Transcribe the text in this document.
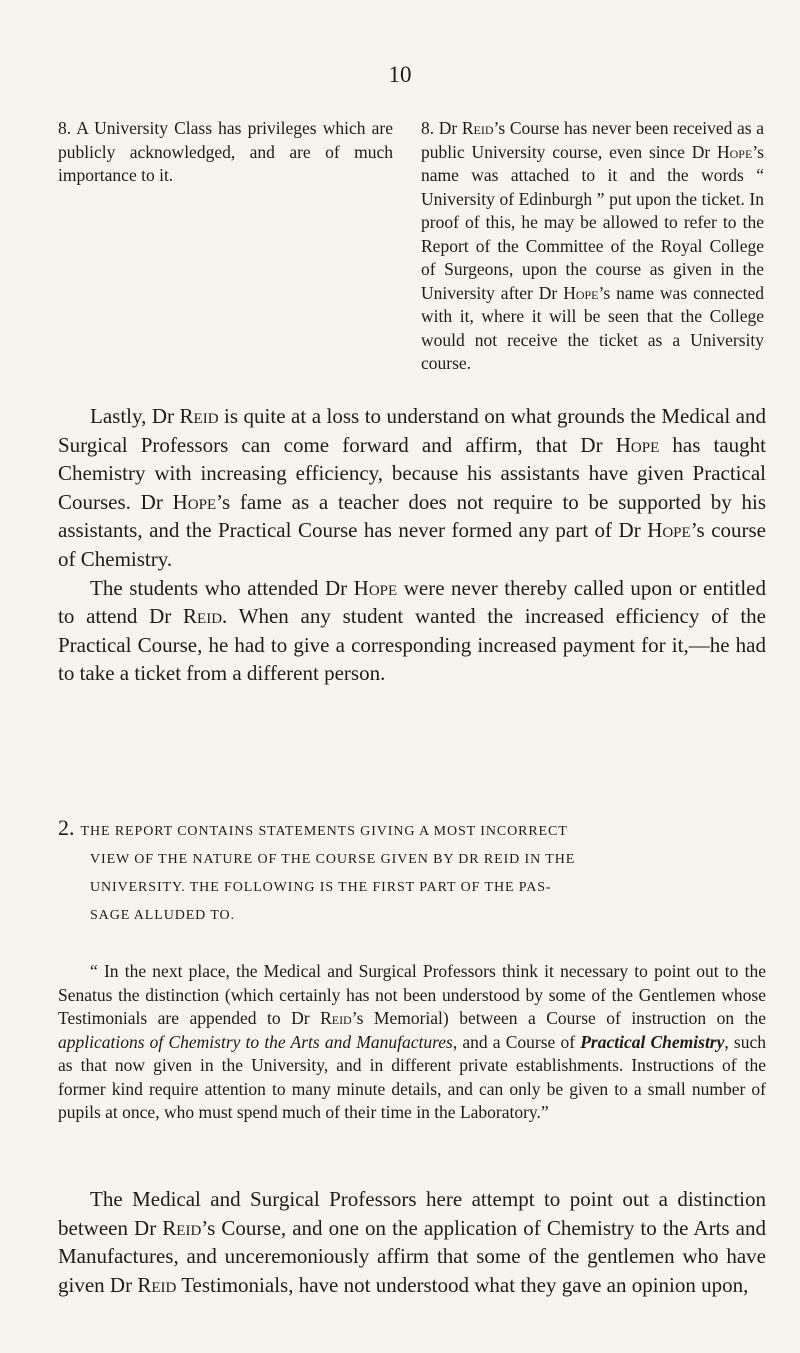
10
8. A University Class has privileges which are publicly acknowledged, and are of much importance to it.
8. Dr Reid’s Course has never been received as a public University course, even since Dr Hope’s name was attached to it and the words “ University of Edinburgh ” put upon the ticket. In proof of this, he may be allowed to refer to the Report of the Committee of the Royal College of Surgeons, upon the course as given in the University after Dr Hope’s name was connected with it, where it will be seen that the College would not receive the ticket as a University course.

Lastly, Dr Reid is quite at a loss to understand on what grounds the Medical and Surgical Professors can come forward and affirm, that Dr Hope has taught Chemistry with increasing efficiency, because his assistants have given Practical Courses. Dr Hope’s fame as a teacher does not require to be supported by his assistants, and the Practical Course has never formed any part of Dr Hope’s course of Chemistry.

The students who attended Dr Hope were never thereby called upon or entitled to attend Dr Reid. When any student wanted the increased efficiency of the Practical Course, he had to give a corresponding increased payment for it,—he had to take a ticket from a different person.

2. THE REPORT CONTAINS STATEMENTS GIVING A MOST INCORRECT
VIEW OF THE NATURE OF THE COURSE GIVEN BY DR REID IN THE
UNIVERSITY. THE FOLLOWING IS THE FIRST PART OF THE PAS-
SAGE ALLUDED TO.

“ In the next place, the Medical and Surgical Professors think it necessary to point out to the Senatus the distinction (which certainly has not been understood by some of the Gentlemen whose Testimonials are appended to Dr Reid’s Memorial) between a Course of instruction on the applications of Chemistry to the Arts and Manufactures, and a Course of Practical Chemistry, such as that now given in the University, and in different private establishments. Instructions of the former kind require attention to many minute details, and can only be given to a small number of pupils at once, who must spend much of their time in the Laboratory.”

The Medical and Surgical Professors here attempt to point out a distinction between Dr Reid’s Course, and one on the application of Chemistry to the Arts and Manufactures, and unceremoniously affirm that some of the gentlemen who have given Dr Reid Testimonials, have not understood what they gave an opinion upon,
